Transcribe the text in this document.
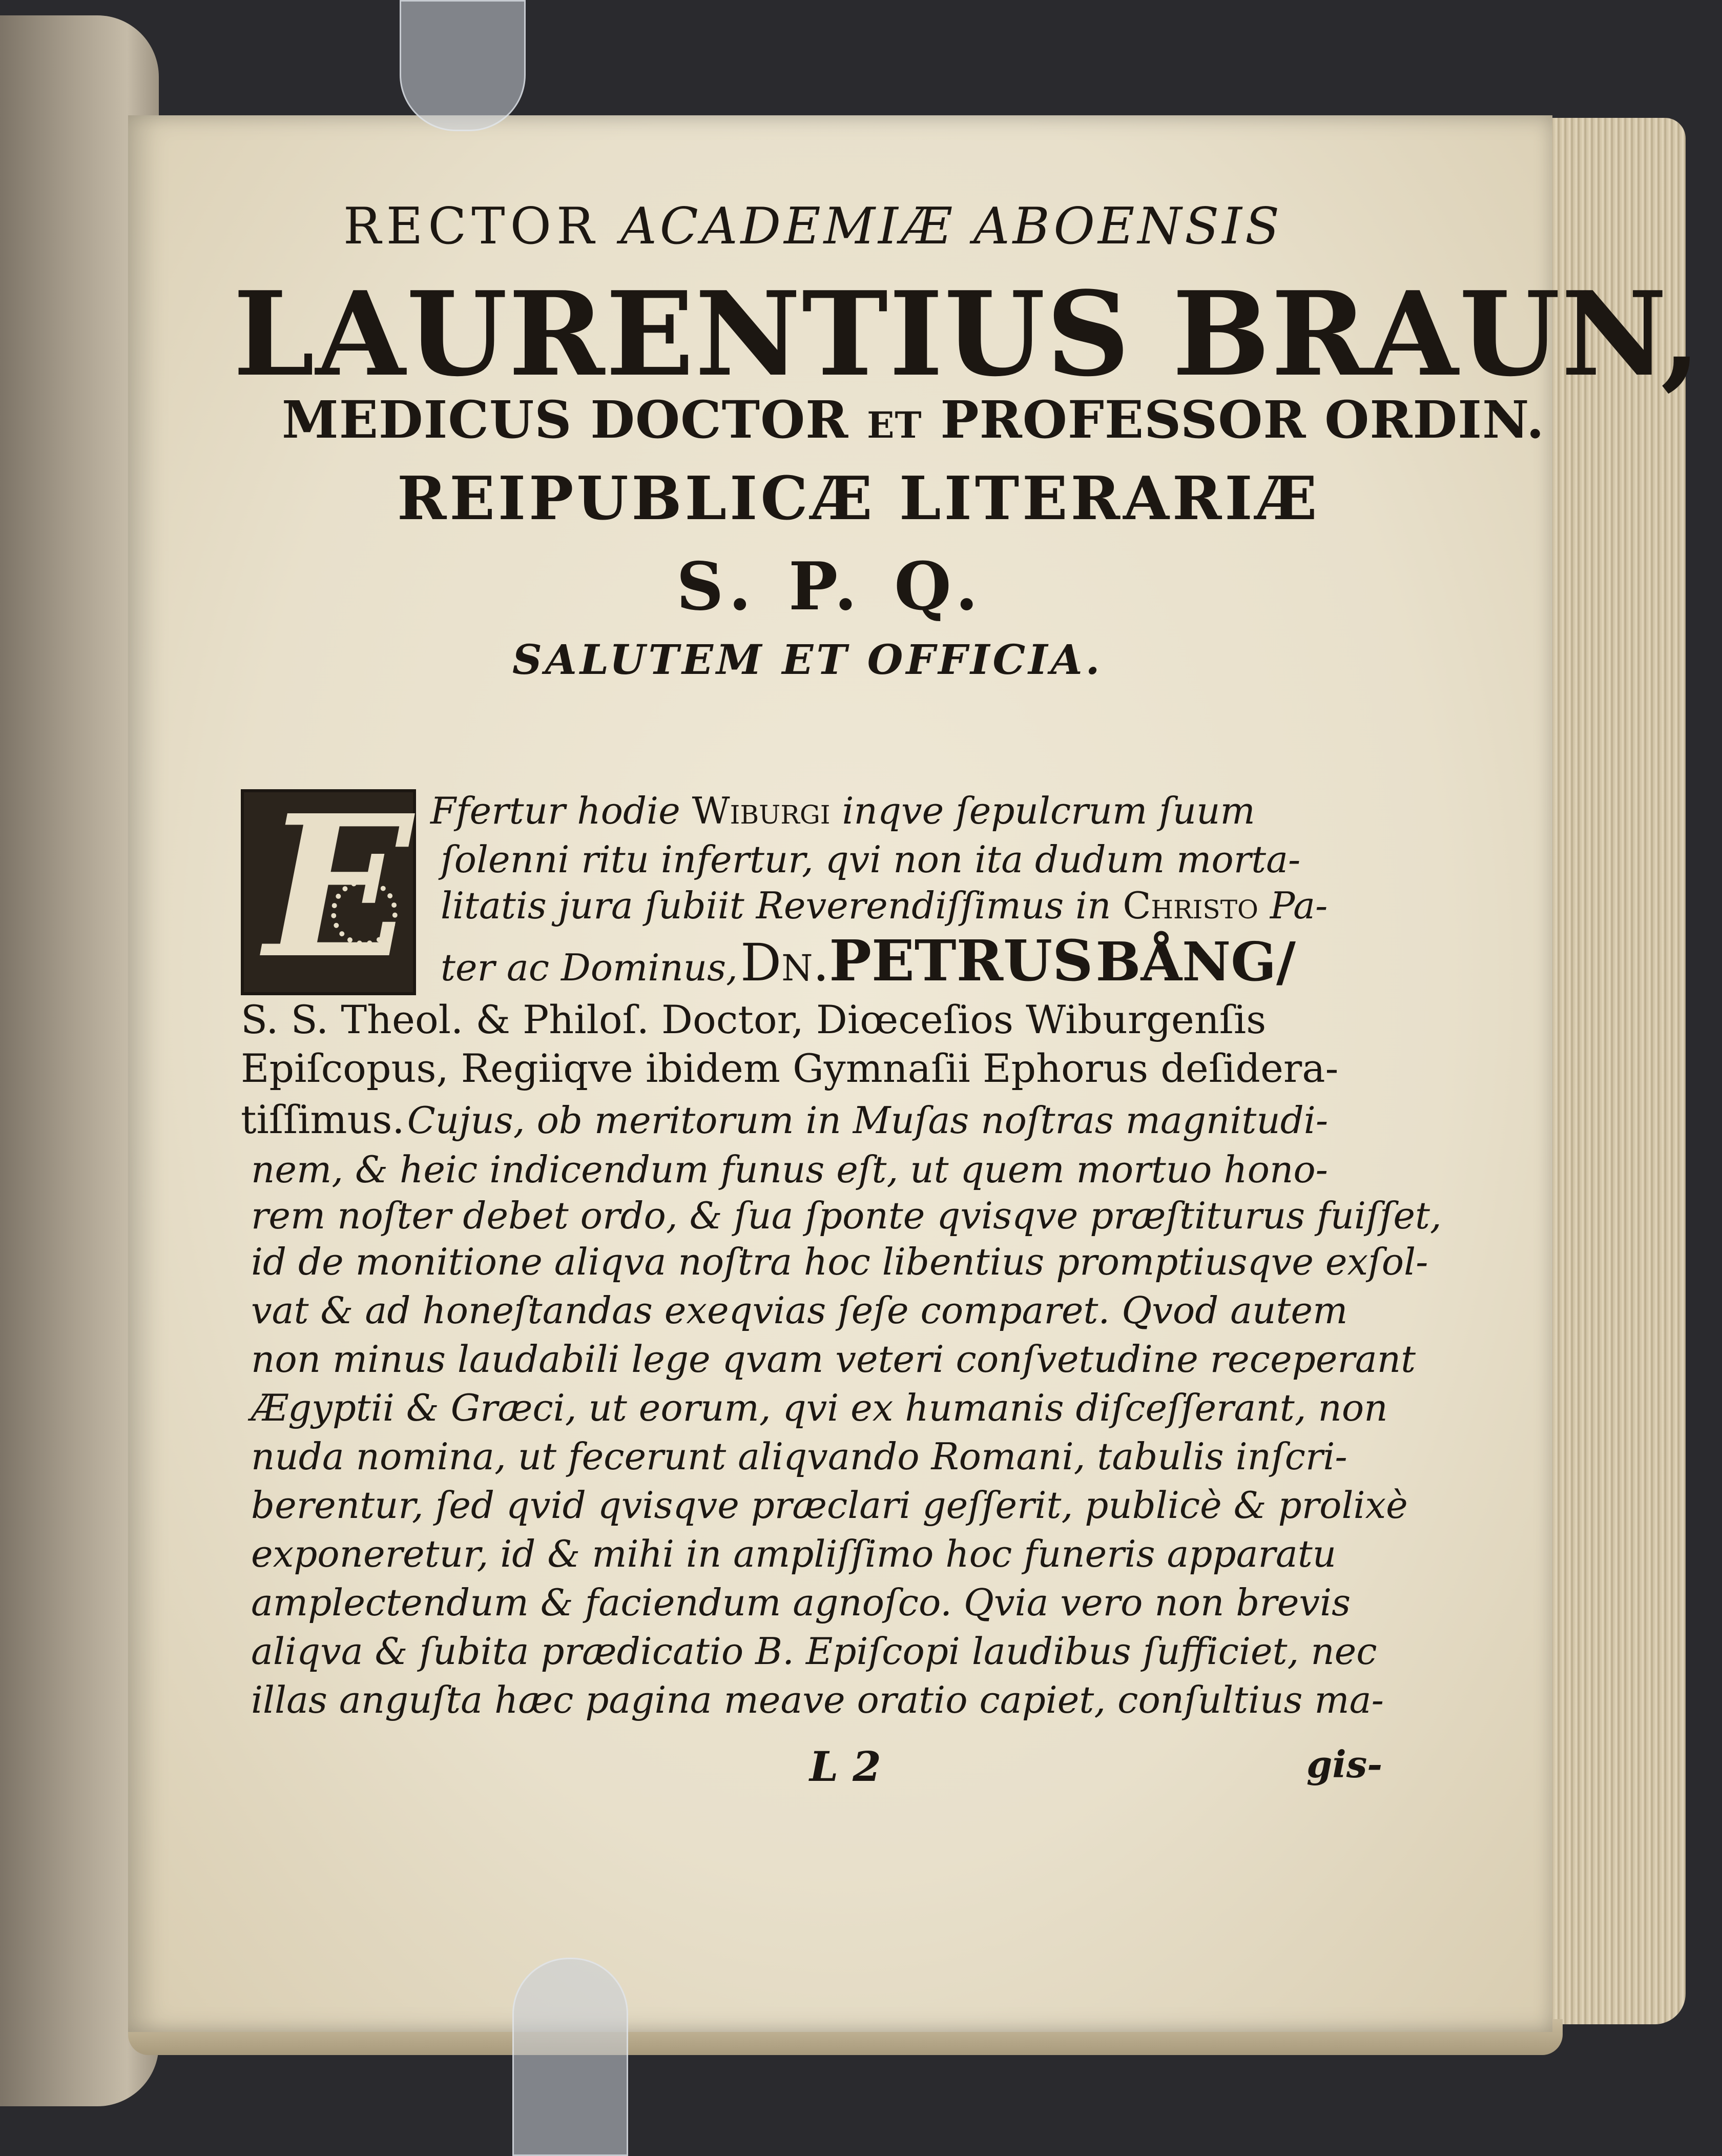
RECTOR ACADEMIÆ ABOENSIS
LAURENTIUS BRAUN,
MEDICUS DOCTOR ET PROFESSOR ORDIN.
REIPUBLICÆ LITERARIÆ
S. P. Q.
SALUTEM ET OFFICIA.
E Ffertur hodie Wiburgi inqve ſepulcrum ſuum
ſolenni ritu infertur, qvi non ita dudum morta-
litatis jura ſubiit Reverendiſſimus in Christo Pa-
ter ac Dominus, Dn.PETRUS BÅNG/
S. S. Theol. & Philoſ. Doctor, Diœceſios Wiburgenſis
Epiſcopus, Regiiqve ibidem Gymnaſii Ephorus deſidera-
tiſſimus. Cujus, ob meritorum in Muſas noſtras magnitudi-
nem, & heic indicendum funus eſt, ut quem mortuo hono-
rem noſter debet ordo, & ſua ſponte qvisqve præſtiturus fuiſſet,
id de monitione aliqva noſtra hoc libentius promptiusqve exſol-
vat & ad honeſtandas exeqvias ſeſe comparet. Qvod autem
non minus laudabili lege qvam veteri conſvetudine receperant
Ægyptii & Græci, ut eorum, qvi ex humanis diſceſſerant, non
nuda nomina, ut fecerunt aliqvando Romani, tabulis inſcri-
berentur, ſed qvid qvisqve præclari geſſerit, publicè & prolixè
exponeretur, id & mihi in ampliſſimo hoc funeris apparatu
amplectendum & faciendum agnoſco. Qvia vero non brevis
aliqva & ſubita prædicatio B. Epiſcopi laudibus ſufficiet, nec
illas anguſta hæc pagina meave oratio capiet, conſultius ma-
L 2	gis-
